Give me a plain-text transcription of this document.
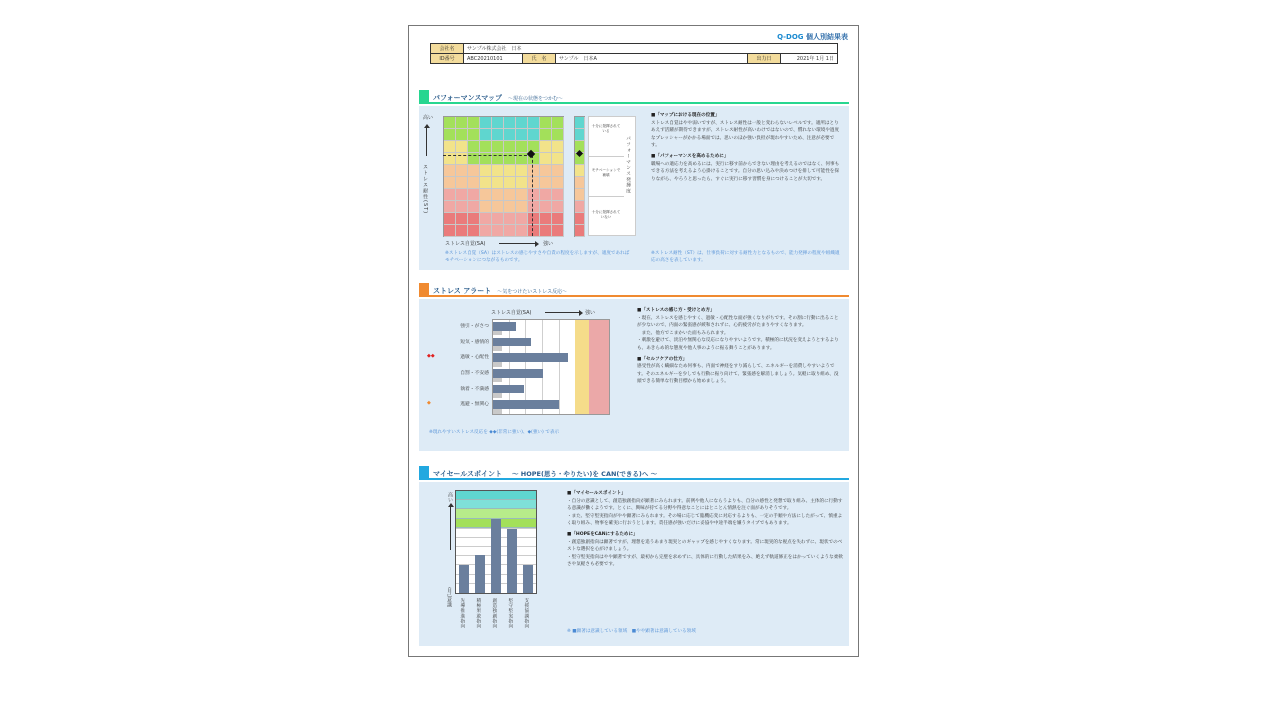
Q-DOG 個人別結果表
会社名	サンプル株式会社　日本				
ID番号	ABC20210101	氏　名	サンプル　日本A	出力日	2021年 1月 1日
パフォーマンスマップ ～現在の状態をつかむ～
高い
ストレス耐性(ST)
ストレス自覚(SA)	強い
十分に発揮されている
モチベーションで補填
十分に発揮されていない
パフォーマンス発揮度
■「マップにおける現在の位置」
ストレス自覚はやや弱いですが、ストレス耐性は一般と変わらないレベルです。適所はとりあえず活躍が期待できますが、ストレス耐性が高いわけではないので、慣れない環境や過度なプレッシャーがかかる場面では、思いのほか強い負担が現れやすいため、注意が必要です。
■「パフォーマンスを高めるために」
職場への適応力を高めるには、実行に移す前からできない理由を考えるのではなく、何事もできる方法を考えるよう心掛けることです。自分の思い込みや決めつけを排して可能性を探りながら、やろうと思ったら、すぐに実行に移す習慣を身につけることが大切です。
※ストレス自覚（SA）はストレスの感じやすさや自責の程度を示しますが、適度であればモチベーションにつながるものです。
※ストレス耐性（ST）は、仕事負荷に対する耐性力となるもので、能力発揮の程度や組織適応の高さを表しています。
ストレス アラート ～気をつけたいストレス反応～
ストレス自覚(SA)	強い
強引・がさつ
短気・感情的
過敏・心配性
◆◆
自罰・不安感
執着・不満感
逃避・無関心
◆
※現れやすいストレス反応を ◆◆(非常に強い)、◆(強い) で表示
■「ストレスの感じ方・受けとめ方」
・現在、ストレスを感じやすく、過敏・心配性な面が強くなりがちです。その割に行動に出ることが少ないので、内面の緊張感が緩和されずに、心的疲労がたまりやすくなります。
　また、他方でこまかいた面もみられます。
・刺激を避けて、淡泊や無関心な反応になりやすいようです。積極的に状況を変えようとするよりも、あきらめ的な態度や他人事のように振る舞うことがあります。
■「セルフケアの仕方」
感受性が高く繊細なため何事も、内面で神経をすり減らして、エネルギーを消費しやすいようです。そのエネルギーを少しでも行動に振り向けて、緊張感を解消しましょう。気軽に取り組め、没頭できる簡単な行動目標から始めましょう。
マイセールスポイント ～ HOPE(思う・やりたい)を CAN(できる)へ ～
高い
自己意識
先導推進指向 積極果敢指向 創造独創指向 堅守堅実指向 支援協調指向
■「マイセールスポイント」
・自分の意識として、創造独創指向が顕著にみられます。前例や他人にならうよりも、自分の感性と発想で取り組み、主体的に行動する意識が働くようです。とくに、興味が持てる分野や得意なことにはとことん情熱を注ぐ面がありそうです。
・また、堅守堅実指向がやや顕著にみられます。その場に応じて臨機応変に対応するよりも、一定の手順や方法にしたがって、慎重よく取り組み、物事を確実に行おうとします。責任感が強いだけに妥協や中途半端を嫌うタイプでもあります。
■「HOPEをCANにするために」
・創造独創指向は顕著ですが、理想を追うあまり現実とのギャップを感じやすくなります。常に現実的な視点を失わずに、現状でのベストな選択を心がけましょう。
・堅守堅実指向はやや顕著ですが、最初から完璧を求めずに、具体的に行動した結果をみ、絶えず軌道修正をはかっていくような柔軟さや気軽さも必要です。
※ ■顕著は意識している領域　■やや顕著は意識している領域
